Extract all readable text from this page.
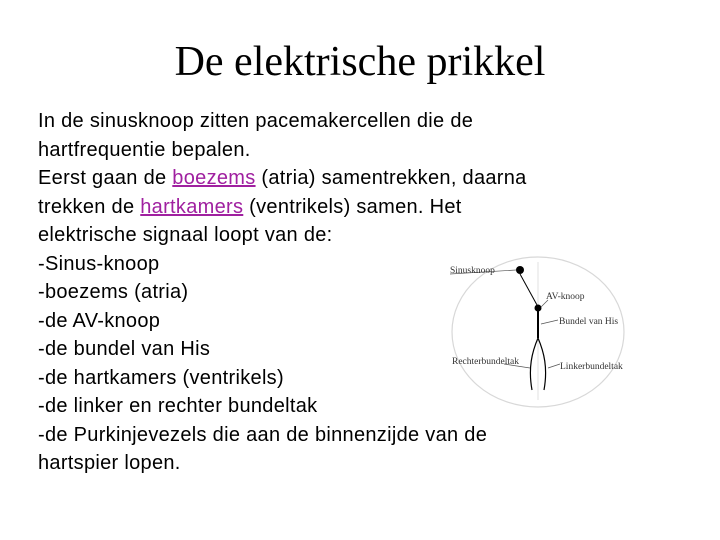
De elektrische prikkel
In de sinusknoop zitten pacemakercellen die de
hartfrequentie bepalen.
Eerst gaan de boezems (atria) samentrekken, daarna
trekken de hartkamers (ventrikels) samen. Het
elektrische signaal loopt van de:
-Sinus-knoop
-boezems (atria)
-de AV-knoop
-de bundel van His
-de hartkamers (ventrikels)
-de linker en rechter bundeltak
-de Purkinjevezels die aan de binnenzijde van de
hartspier lopen.
Sinusknoop
AV-knoop
Bundel van His
Rechterbundeltak	Linkerbundeltak
